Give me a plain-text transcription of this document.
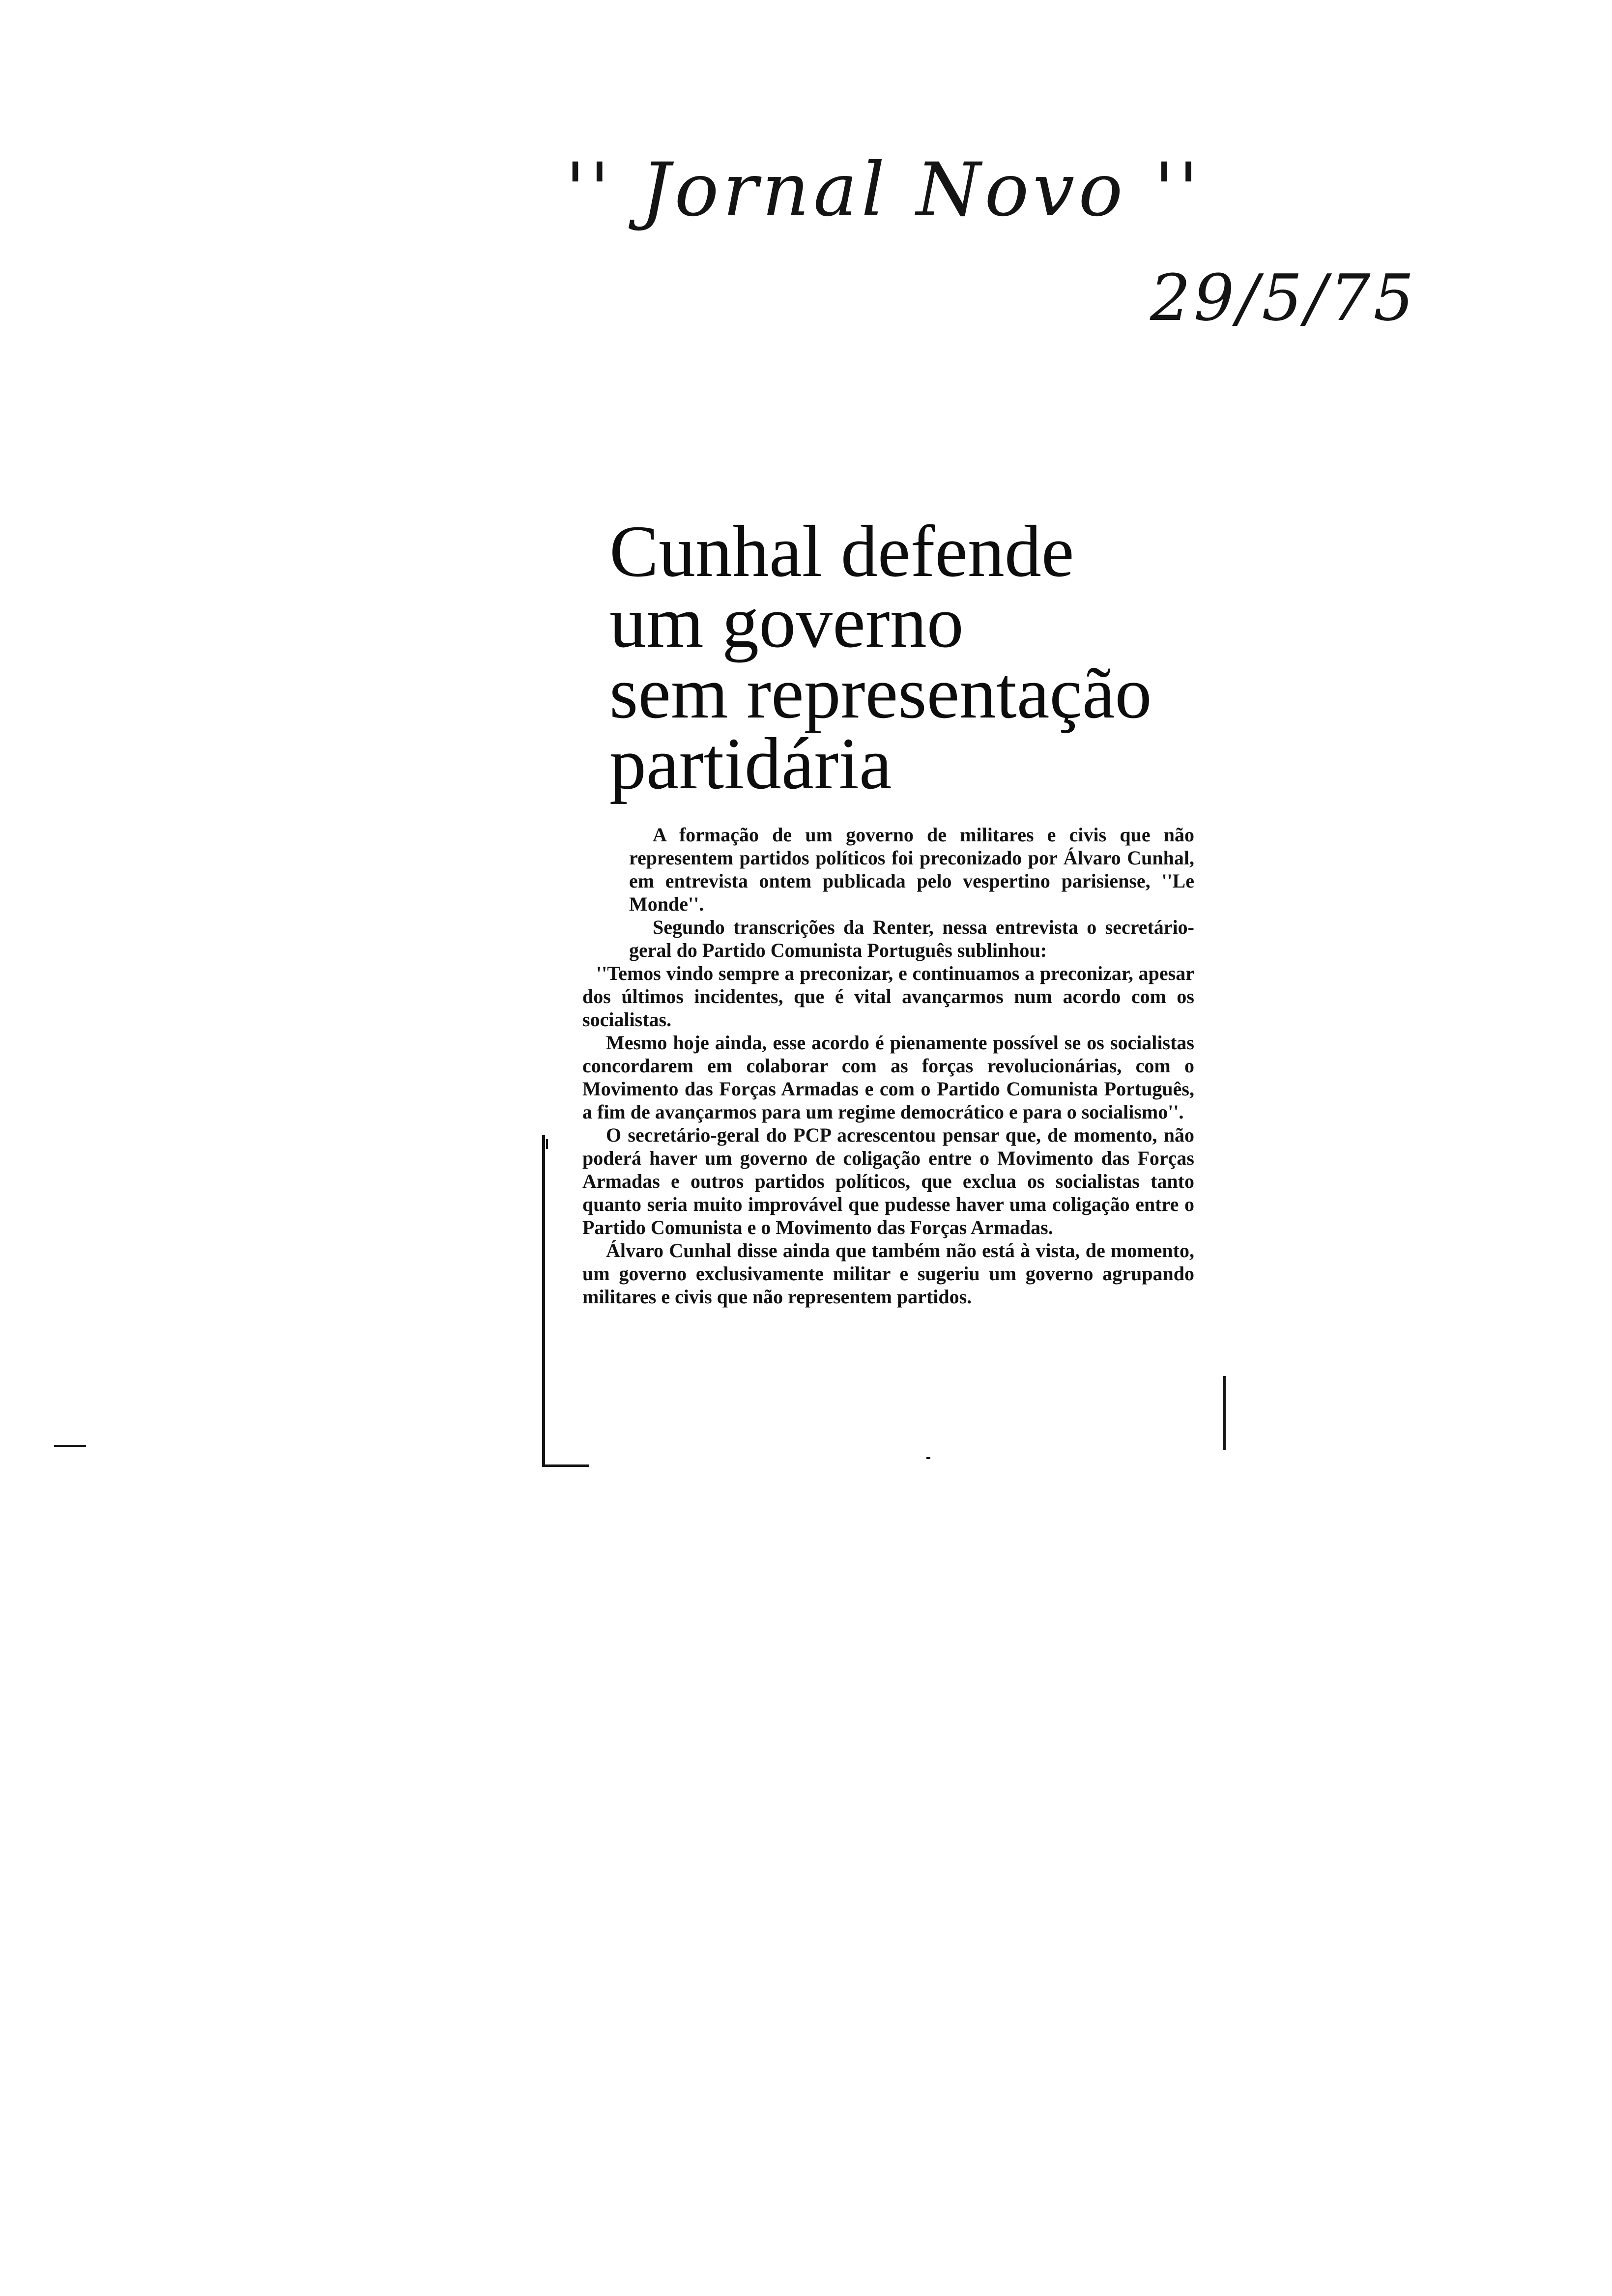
'' Jornal Novo ''
29/5/75
Cunhal defende
um governo
sem representação
partidária

A formação de um governo de militares e civis que não representem partidos políticos foi preconizado por Álvaro Cunhal, em entrevista ontem publicada pelo vespertino parisiense, ''Le Monde''.

Segundo transcrições da Renter, nessa entrevista o secretário-geral do Partido Comunista Português sublinhou:

''Temos vindo sempre a preconizar, e continuamos a preconizar, apesar dos últimos incidentes, que é vital avançarmos num acordo com os socialistas.

Mesmo hoje ainda, esse acordo é pienamente possível se os socialistas concordarem em colaborar com as forças revolucionárias, com o Movimento das Forças Armadas e com o Partido Comunista Português, a fim de avançarmos para um regime democrático e para o socialismo''.

O secretário-geral do PCP acrescentou pensar que, de momento, não poderá haver um governo de coligação entre o Movimento das Forças Armadas e outros partidos políticos, que exclua os socialistas tanto quanto seria muito improvável que pudesse haver uma coligação entre o Partido Comunista e o Movimento das Forças Armadas.

Álvaro Cunhal disse ainda que também não está à vista, de momento, um governo exclusivamente militar e sugeriu um governo agrupando militares e civis que não representem partidos.
